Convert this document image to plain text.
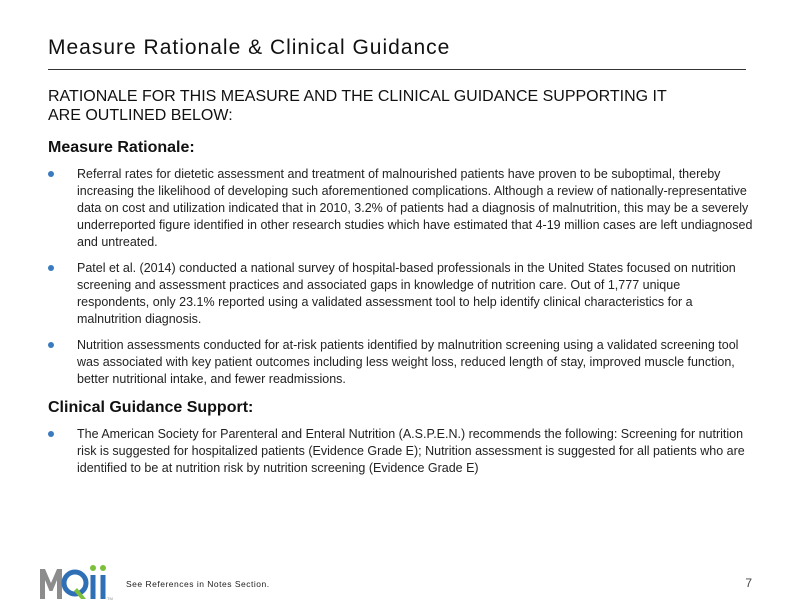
Measure Rationale & Clinical Guidance

RATIONALE FOR THIS MEASURE AND THE CLINICAL GUIDANCE SUPPORTING IT ARE OUTLINED BELOW:

Measure Rationale:
Referral rates for dietetic assessment and treatment of malnourished patients have proven to be suboptimal, thereby increasing the likelihood of developing such aforementioned complications. Although a review of nationally-representative data on cost and utilization indicated that in 2010, 3.2% of patients had a diagnosis of malnutrition, this may be a severely underreported figure identified in other research studies which have estimated that 4-19 million cases are left undiagnosed and untreated.
Patel et al. (2014) conducted a national survey of hospital-based professionals in the United States focused on nutrition screening and assessment practices and associated gaps in knowledge of nutrition care. Out of 1,777 unique respondents, only 23.1% reported using a validated assessment tool to help identify clinical characteristics for a malnutrition diagnosis.
Nutrition assessments conducted for at-risk patients identified by malnutrition screening using a validated screening tool was associated with key patient outcomes including less weight loss, reduced length of stay, improved muscle function, better nutritional intake, and fewer readmissions.
Clinical Guidance Support:
The American Society for Parenteral and Enteral Nutrition (A.S.P.E.N.) recommends the following: Screening for nutrition risk is suggested for hospitalized patients (Evidence Grade E); Nutrition assessment is suggested for all patients who are identified to be at nutrition risk by nutrition screening (Evidence Grade E)
TM
See References in Notes Section.	7
